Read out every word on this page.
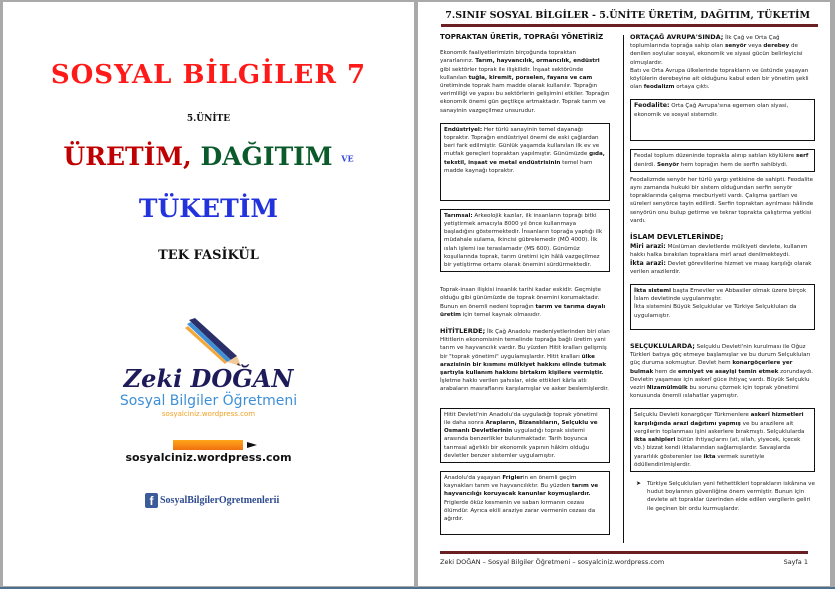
SOSYAL BİLGİLER 7
5.ÜNİTE
ÜRETİM, DAĞITIM VE
TÜKETİM
TEK FASİKÜL
Zeki DOĞAN
Sosyal Bilgiler Öğretmeni
sosyalciniz.wordpress.com
sosyalciniz.wordpress.com
f SosyalBilgilerOgretmenlerii
7.SINIF SOSYAL BİLGİLER - 5.ÜNİTE ÜRETİM, DAĞITIM, TÜKETİM
TOPRAKTAN ÜRETİR, TOPRAĞI YÖNETİRİZ

Ekonomik faaliyetlerimizin birçoğunda topraktan yararlanırız. Tarım, hayvancılık, ormancılık, endüstri gibi sektörler toprak ile ilişkilidir. İnşaat sektöründe kullanılan tuğla, kiremit, porselen, fayans ve cam üretiminde toprak ham madde olarak kullanılır. Toprağın verimliliği ve yapısı bu sektörlerin gelişimini etkiler. Toprağın ekonomik önemi gün geçtikçe artmaktadır. Toprak tarım ve sanayinin vazgeçilmez unsurudur.

Endüstriyel: Her türlü sanayinin temel dayanağı topraktır. Toprağın endüstriyel önemi de eski çağlardan beri fark edilmiştir. Günlük yaşamda kullanılan ilk ev ve mutfak gereçleri topraktan yapılmıştır. Günümüzde gıda, tekstil, inşaat ve metal endüstrisinin temel ham madde kaynağı topraktır.

Tarımsal: Arkeolojik kazılar, ilk insanların toprağı bitki yetiştirmek amacıyla 8000 yıl önce kullanmaya başladığını göstermektedir. İnsanların toprağa yaptığı ilk müdahale sulama, ikincisi gübrelemedir (MÖ 4000). İlk ıslah işlemi ise teraslamadır (MS 600). Günümüz koşullarında toprak, tarım üretimi için hâlâ vazgeçilmez bir yetiştirme ortamı olarak önemini sürdürmektedir.

Toprak-insan ilişkisi insanlık tarihi kadar eskidir. Geçmişte olduğu gibi günümüzde de toprak önemini korumaktadır. Bunun en önemli nedeni toprağın tarım ve tarıma dayalı üretim için temel kaynak olmasıdır.

HİTİTLERDE; İlk Çağ Anadolu medeniyetlerinden biri olan Hititlerin ekonomisinin temelinde toprağa bağlı üretim yani tarım ve hayvancılık vardır. Bu yüzden Hitit kralları gelişmiş bir "toprak yönetimi" uygulamışlardır. Hitit kralları ülke arazisinin bir kısmını mülkiyet hakkını elinde tutmak şartıyla kullanım hakkını birtakım kişilere vermiştir. İşletme hakkı verilen şahıslar, elde ettikleri kârla atlı arabaların masraflarını karşılamışlar ve asker beslemişlerdir.

Hitit Devleti'nin Anadolu'da uyguladığı toprak yönetimi ile daha sonra Arapların, Bizanslıların, Selçuklu ve Osmanlı Devletlerinin uyguladığı toprak sistemi arasında benzerlikler bulunmaktadır. Tarih boyunca tarımsal ağırlıklı bir ekonomik yapının hâkim olduğu devletler benzer sistemler uygulamıştır.

Anadolu'da yaşayan Friglerin en önemli geçim kaynakları tarım ve hayvancılıktır. Bu yüzden tarım ve hayvancılığı koruyacak kanunlar koymuşlardır. Friglerde öküz kesmenin ve saban kırmanın cezası ölümdür. Ayrıca ekili araziye zarar vermenin cezası da ağırdır.

ORTAÇAĞ AVRUPA'SINDA; İlk Çağ ve Orta Çağ toplumlarında toprağa sahip olan senyör veya derebey de denilen soylular sosyal, ekonomik ve siyasi gücün belirleyicisi olmuşlardır.
Batı ve Orta Avrupa ülkelerinde toprakların ve üstünde yaşayan köylülerin derebeyine ait olduğunu kabul eden bir yönetim şekli olan feodalizm ortaya çıktı.

Feodalite: Orta Çağ Avrupa'sına egemen olan siyasi, ekonomik ve sosyal sistemdir.

Feodal toplum düzeninde toprakla alınıp satılan köylülere serf denirdi. Senyör hem toprağın hem de serfin sahibiydi.

Feodalizmde senyör her türlü yargı yetkisine de sahipti. Feodalite aynı zamanda hukuki bir sistem olduğundan serfin senyör topraklarında çalışma mecburiyeti vardı. Çalışma şartları ve süreleri senyörce tayin edilirdi. Serfin topraktan ayrılması hâlinde senyörün onu bulup getirme ve tekrar toprakta çalıştırma yetkisi vardı.

İSLAM DEVLETLERİNDE;

Miri arazi: Müslüman devletlerde mülkiyeti devlete, kullanım hakkı halka bırakılan topraklara mirî arazi denilmekteydi.

İkta arazi: Devlet görevlilerine hizmet ve maaş karşılığı olarak verilen arazilerdir.

İkta sistemi başta Emeviler ve Abbasiler olmak üzere birçok İslam devletinde uygulanmıştır.
İkta sistemini Büyük Selçuklular ve Türkiye Selçukluları da uygulamıştır.

SELÇUKLULARDA; Selçuklu Devleti'nin kurulması ile Oğuz Türkleri batıya göç etmeye başlamışlar ve bu durum Selçukluları güç duruma sokmuştur. Devlet hem konargöçerlere yer bulmak hem de emniyet ve asayişi temin etmek zorundaydı. Devletin yaşaması için askerî güce ihtiyaç vardı. Büyük Selçuklu veziri Nizamülmülk bu sorunu çözmek için toprak yönetimi konusunda önemli ıslahatlar yapmıştır.

Selçuklu Devleti konargöçer Türkmenlere askerî hizmetleri karşılığında arazi dağıtımı yapmış ve bu arazilere ait vergilerin toplanması işini askerlere bırakmıştı. Selçuklularda ikta sahipleri bütün ihtiyaçlarını (at, silah, yiyecek, içecek vb.) bizzat kendi iktalarından sağlamışlardır. Savaşlarda yararlılık gösterenler ise ikta vermek suretiyle ödüllendirilmişlerdir.

➤ Türkiye Selçukluları yeni fethettikleri toprakların iskânına ve hudut boylarının güvenliğine önem vermiştir. Bunun için devlete ait topraklar üzerinden elde edilen vergilerin geliri ile geçinen bir ordu kurmuşlardır.
Zeki DOĞAN – Sosyal Bilgiler Öğretmeni – sosyalciniz.wordpress.com	Sayfa 1
